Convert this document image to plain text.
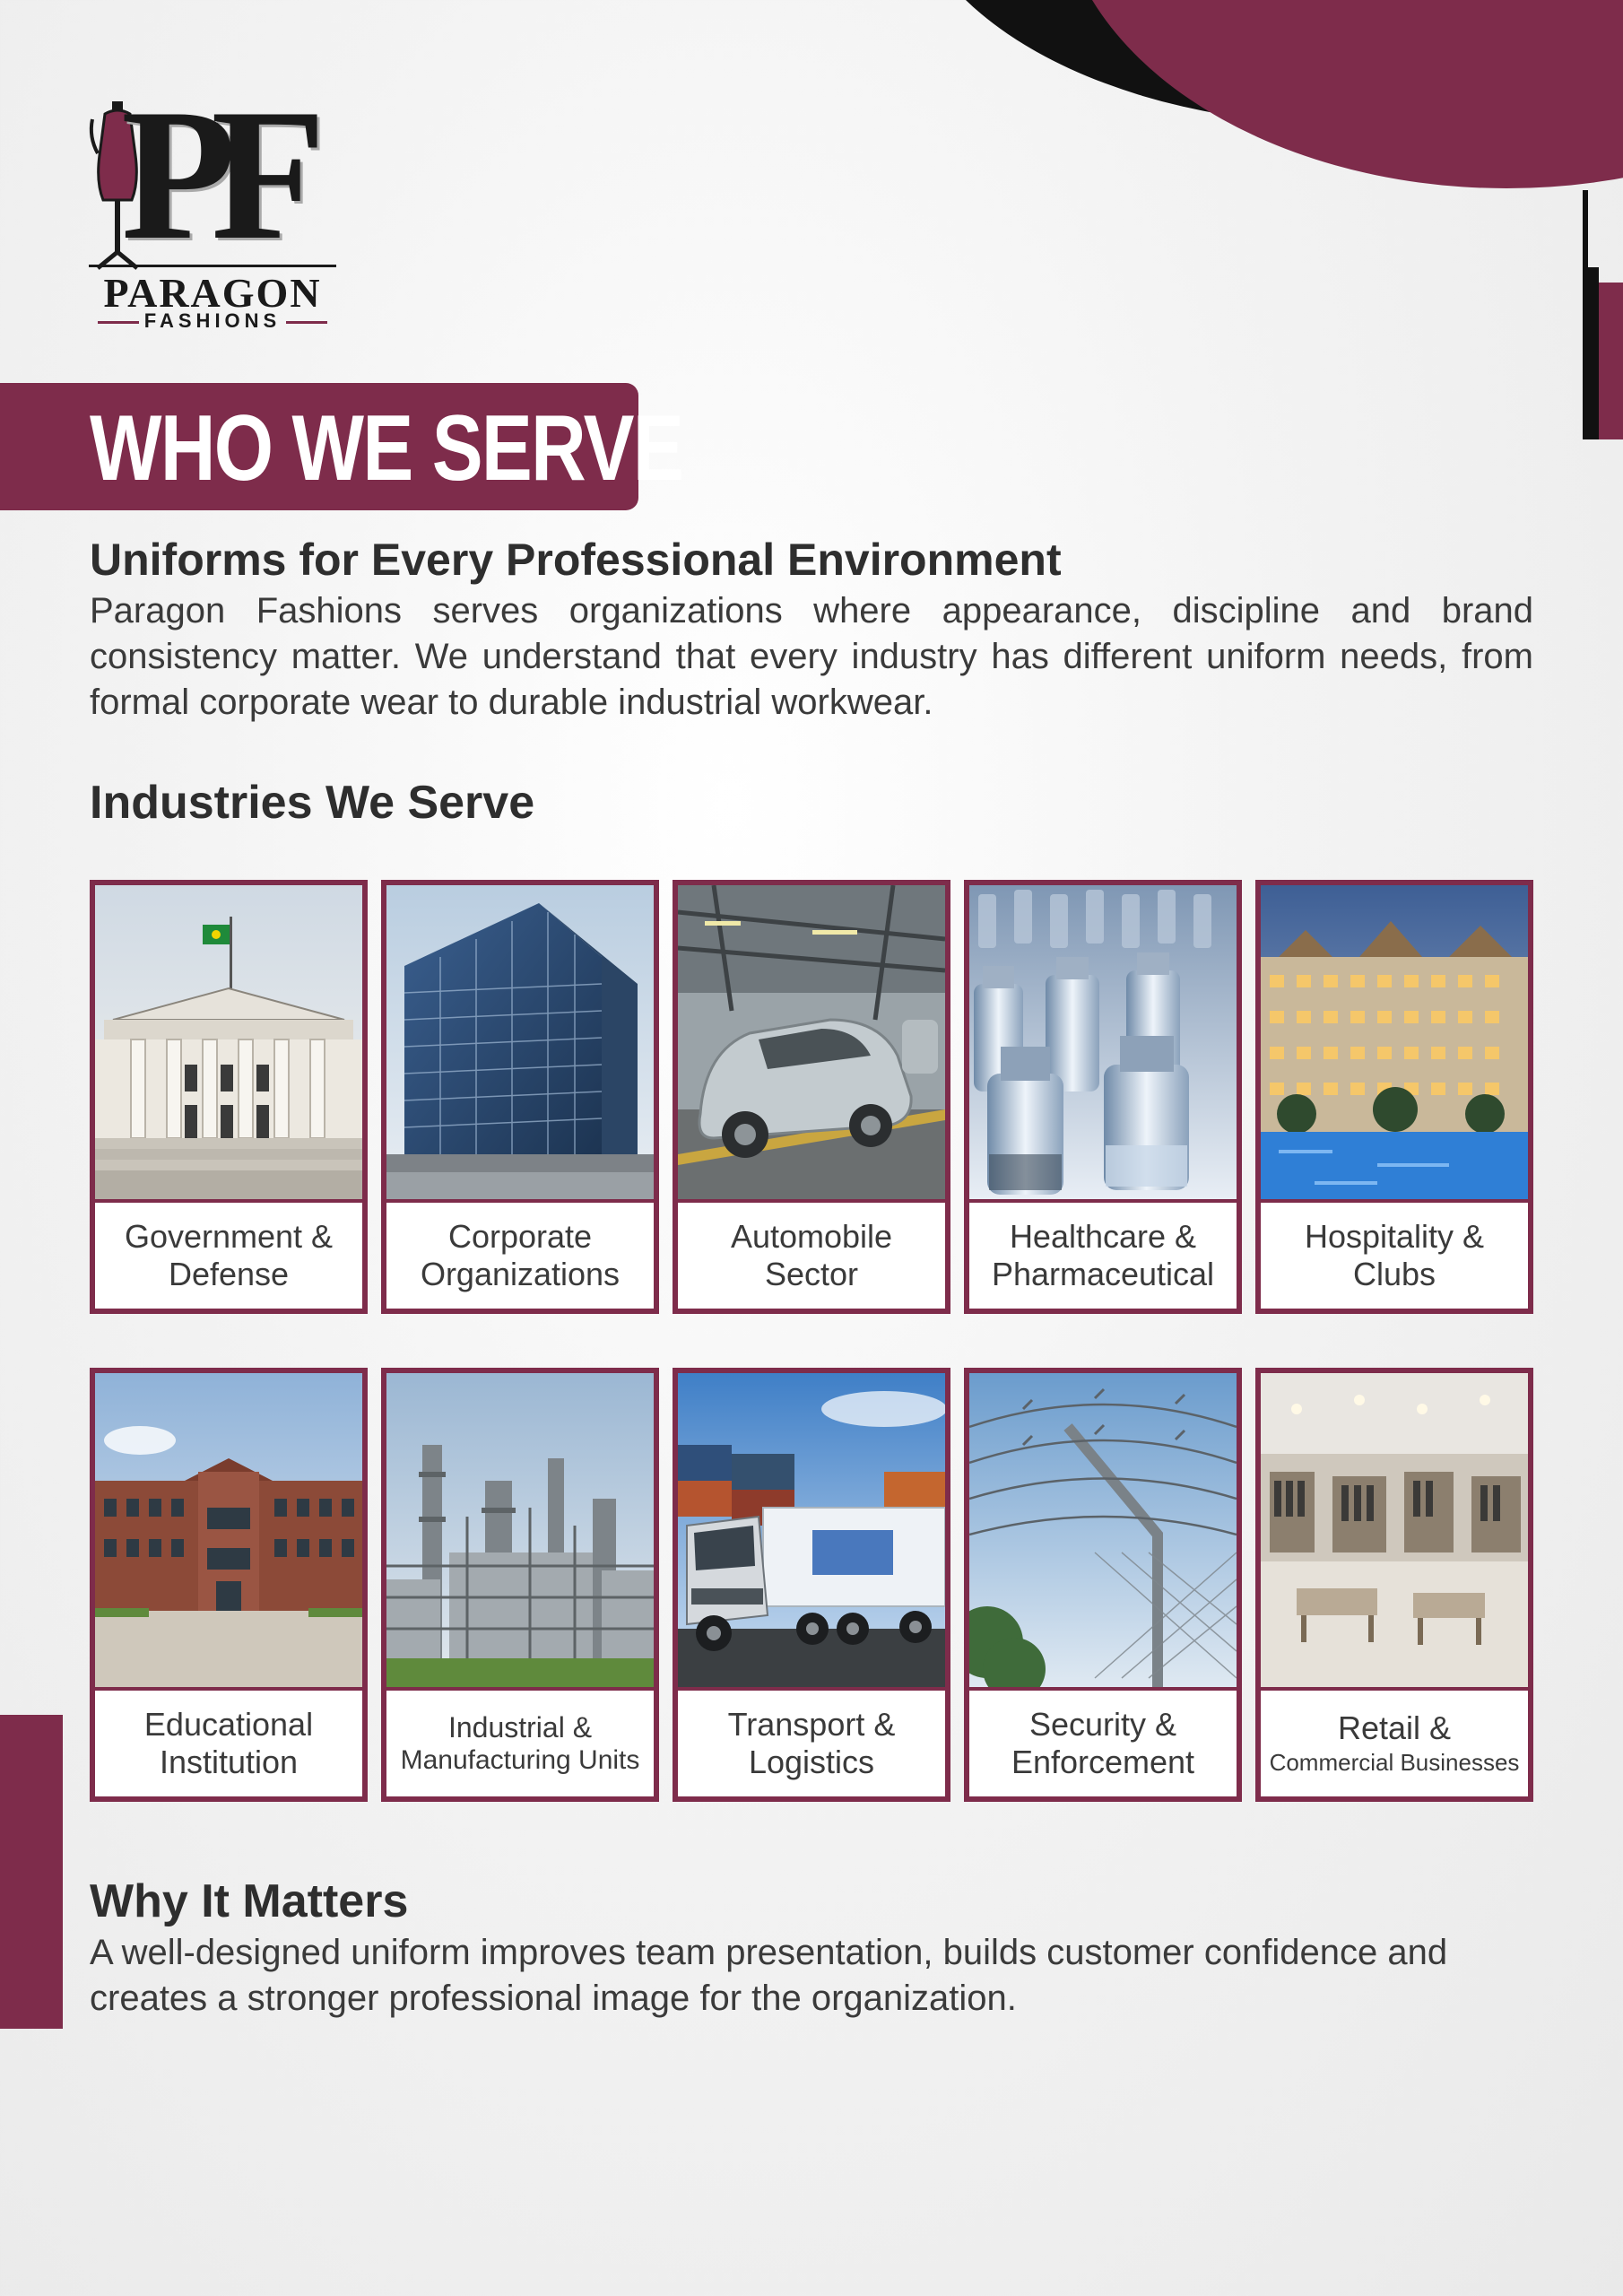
PF
PARAGON
FASHIONS
WHO WE SERVE
Uniforms for Every Professional Environment

Paragon Fashions serves organizations where appearance, discipline and brand consistency matter. We understand that every industry has different uniform needs, from formal corporate wear to durable industrial workwear.

Industries We Serve
Government &
Defense
Corporate
Organizations
Automobile
Sector
Healthcare &
Pharmaceutical
Hospitality &
Clubs
Educational
Institution
Industrial &
Manufacturing Units
Transport &
Logistics
Security &
Enforcement
Retail &
Commercial Businesses
Why It Matters

A well-designed uniform improves team presentation, builds customer confidence and creates a stronger professional image for the organization.
